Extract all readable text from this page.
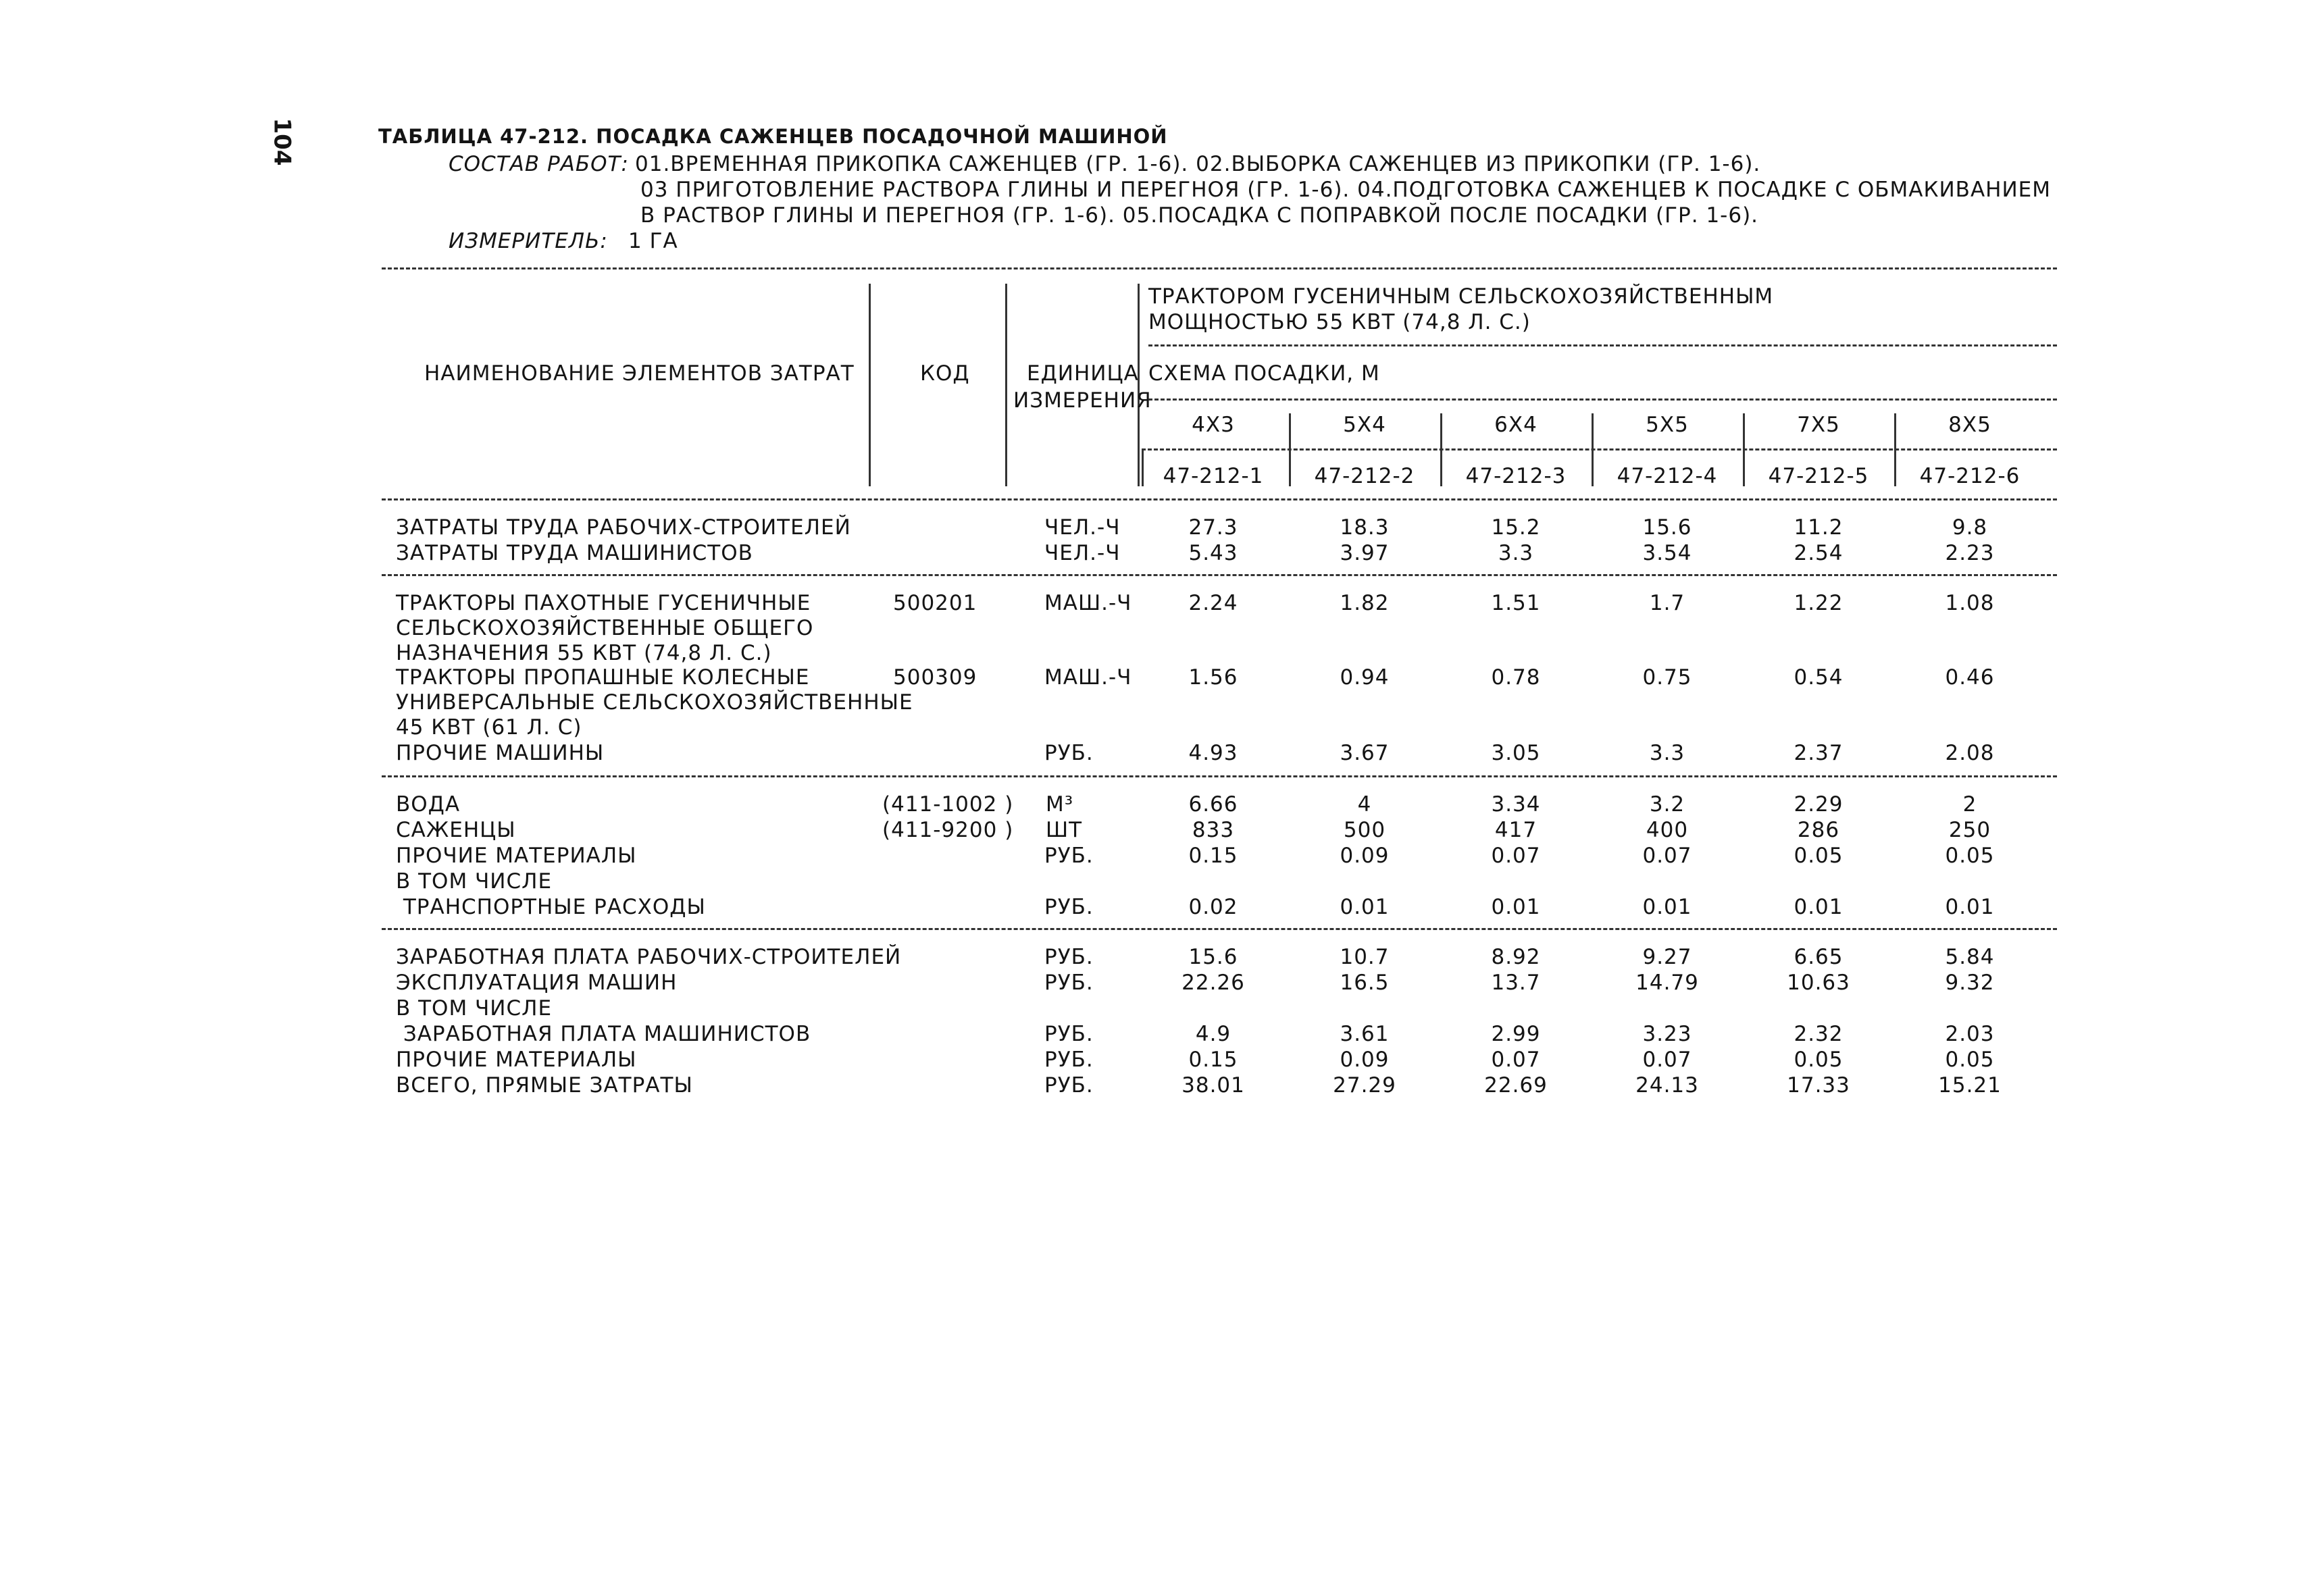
104	ТАБЛИЦА 47-212. ПОСАДКА САЖЕНЦЕВ ПОСАДОЧНОЙ МАШИНОЙ
СОСТАВ РАБОТ: 01.ВРЕМЕННАЯ ПРИКОПКА САЖЕНЦЕВ (ГР. 1-6). 02.ВЫБОРКА САЖЕНЦЕВ ИЗ ПРИКОПКИ (ГР. 1-6).
03 ПРИГОТОВЛЕНИЕ РАСТВОРА ГЛИНЫ И ПЕРЕГНОЯ (ГР. 1-6). 04.ПОДГОТОВКА САЖЕНЦЕВ К ПОСАДКЕ С ОБМАКИВАНИЕМ
В РАСТВОР ГЛИНЫ И ПЕРЕГНОЯ (ГР. 1-6). 05.ПОСАДКА С ПОПРАВКОЙ ПОСЛЕ ПОСАДКИ (ГР. 1-6).
ИЗМЕРИТЕЛЬ: 1 ГА
НАИМЕНОВАНИЕ ЭЛЕМЕНТОВ ЗАТРАТ	КОД	ЕДИНИЦА
ИЗМЕРЕНИЯ
ТРАКТОРОМ ГУСЕНИЧНЫМ СЕЛЬСКОХОЗЯЙСТВЕННЫМ
МОЩНОСТЬЮ 55 КВТ (74,8 Л. С.)
СХЕМА ПОСАДКИ, М
4Х3	5Х4	6Х4	5Х5	7Х5	8Х5
47-212-1	47-212-2	47-212-3	47-212-4	47-212-5	47-212-6
ЗАТРАТЫ ТРУДА РАБОЧИХ-СТРОИТЕЛЕЙ	ЧЕЛ.-Ч	27.3	18.3	15.2	15.6	11.2	9.8
ЗАТРАТЫ ТРУДА МАШИНИСТОВ	ЧЕЛ.-Ч	5.43	3.97	3.3	3.54	2.54	2.23
ТРАКТОРЫ ПАХОТНЫЕ ГУСЕНИЧНЫЕ
СЕЛЬСКОХОЗЯЙСТВЕННЫЕ ОБЩЕГО
НАЗНАЧЕНИЯ 55 КВТ (74,8 Л. С.)
500201	МАШ.-Ч	2.24	1.82	1.51	1.7	1.22	1.08
ТРАКТОРЫ ПРОПАШНЫЕ КОЛЕСНЫЕ
УНИВЕРСАЛЬНЫЕ СЕЛЬСКОХОЗЯЙСТВЕННЫЕ
45 КВТ (61 Л. С)
500309	МАШ.-Ч	1.56	0.94	0.78	0.75	0.54	0.46
ПРОЧИЕ МАШИНЫ	РУБ.	4.93	3.67	3.05	3.3	2.37	2.08
ВОДА	(411-1002 ) М³	6.66	4	3.34	3.2	2.29	2
САЖЕНЦЫ	(411-9200 ) ШТ	833	500	417	400	286	250
ПРОЧИЕ МАТЕРИАЛЫ	РУБ.	0.15	0.09	0.07	0.07	0.05	0.05
В ТОМ ЧИСЛЕ
ТРАНСПОРТНЫЕ РАСХОДЫ	РУБ.	0.02	0.01	0.01	0.01	0.01	0.01
ЗАРАБОТНАЯ ПЛАТА РАБОЧИХ-СТРОИТЕЛЕЙ	РУБ.	15.6	10.7	8.92	9.27	6.65	5.84
ЭКСПЛУАТАЦИЯ МАШИН	РУБ.	22.26	16.5	13.7	14.79	10.63	9.32
В ТОМ ЧИСЛЕ
ЗАРАБОТНАЯ ПЛАТА МАШИНИСТОВ	РУБ.	4.9	3.61	2.99	3.23	2.32	2.03
ПРОЧИЕ МАТЕРИАЛЫ	РУБ.	0.15	0.09	0.07	0.07	0.05	0.05
ВСЕГО, ПРЯМЫЕ ЗАТРАТЫ	РУБ.	38.01	27.29	22.69	24.13	17.33	15.21
